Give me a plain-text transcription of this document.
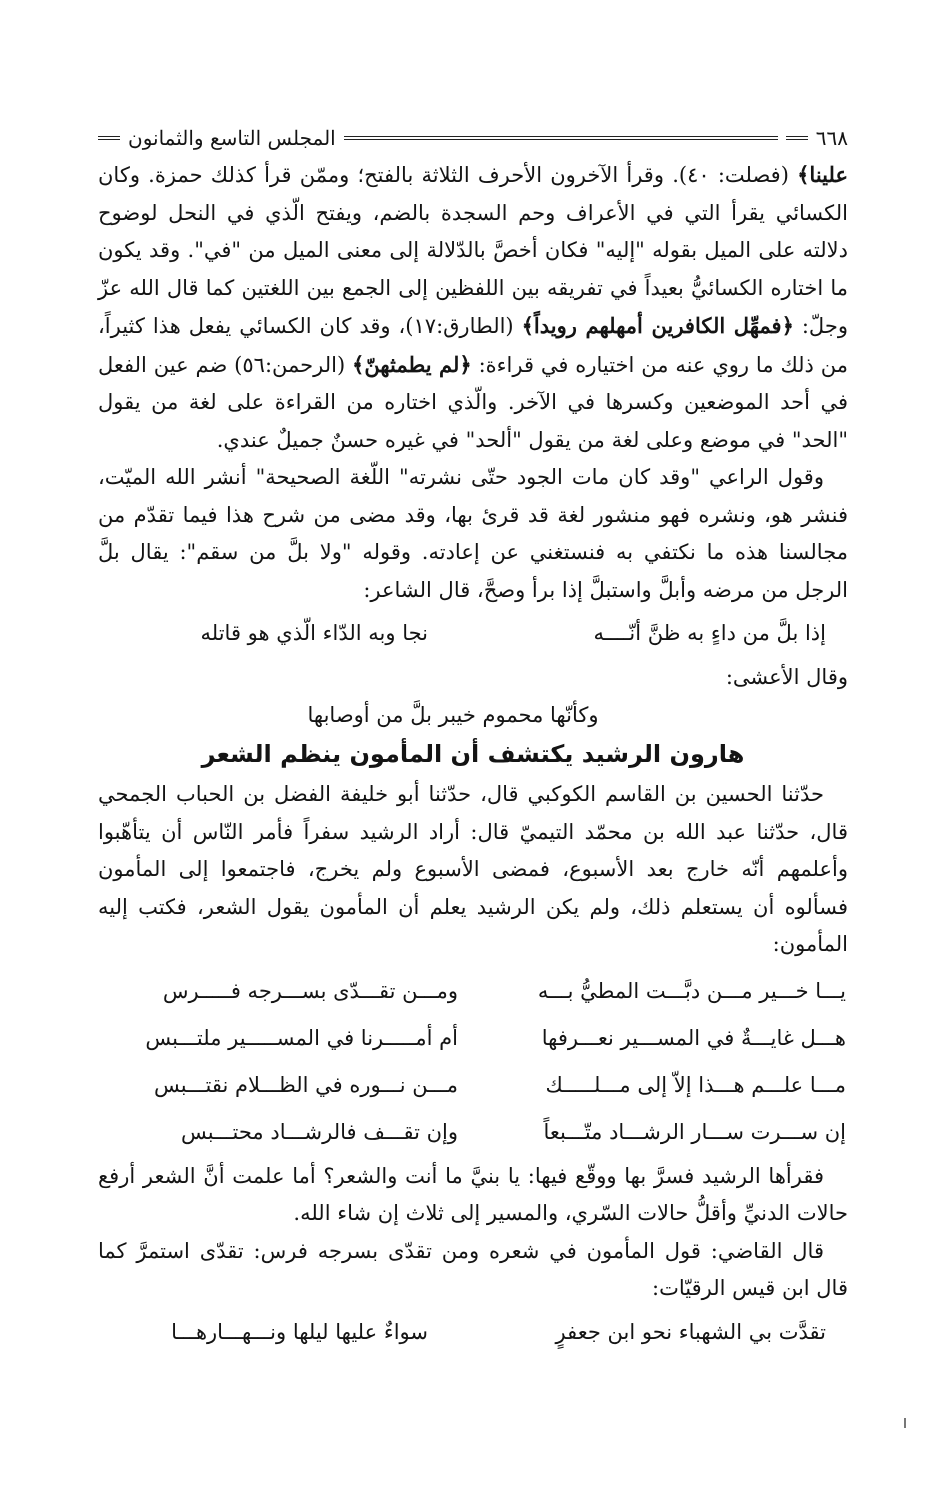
٦٦٨
المجلس التاسع والثمانون

علينا﴾ (فصلت: ٤٠). وقرأ الآخرون الأحرف الثلاثة بالفتح؛ وممّن قرأ كذلك حمزة. وكان الكسائي يقرأ التي في الأعراف وحم السجدة بالضم، ويفتح الّذي في النحل لوضوح دلالته على الميل بقوله "إليه" فكان أخصَّ بالدّلالة إلى معنى الميل من "في". وقد يكون ما اختاره الكسائيُّ بعيداً في تفريقه بين اللفظين إلى الجمع بين اللغتين كما قال الله عزّ وجلّ: ﴿فمهِّل الكافرين أمهلهم رويداً﴾ (الطارق:١٧)، وقد كان الكسائي يفعل هذا كثيراً، من ذلك ما روي عنه من اختياره في قراءة: ﴿لم يطمثهنّ﴾ (الرحمن:٥٦) ضم عين الفعل في أحد الموضعين وكسرها في الآخر. والّذي اختاره من القراءة على لغة من يقول "الحد" في موضع وعلى لغة من يقول "ألحد" في غيره حسنٌ جميلٌ عندي.

وقول الراعي "وقد كان مات الجود حتّى نشرته" اللّغة الصحيحة" أنشر الله الميّت، فنشر هو، ونشره فهو منشور لغة قد قرئ بها، وقد مضى من شرح هذا فيما تقدّم من مجالسنا هذه ما نكتفي به فنستغني عن إعادته. وقوله "ولا بلَّ من سقم": يقال بلَّ الرجل من مرضه وأبلَّ واستبلَّ إذا برأ وصحَّ، قال الشاعر:

إذا بلَّ من داءٍ به ظنَّ أنّــــه
نجا وبه الدّاء الّذي هو قاتله

وقال الأعشى:

وكأنّها محموم خيبر بلَّ من أوصابها
هارون الرشيد يكتشف أن المأمون ينظم الشعر

حدّثنا الحسين بن القاسم الكوكبي قال، حدّثنا أبو خليفة الفضل بن الحباب الجمحي قال، حدّثنا عبد الله بن محمّد التيميّ قال: أراد الرشيد سفراً فأمر النّاس أن يتأهّبوا وأعلمهم أنّه خارج بعد الأسبوع، فمضى الأسبوع ولم يخرج، فاجتمعوا إلى المأمون فسألوه أن يستعلم ذلك، ولم يكن الرشيد يعلم أن المأمون يقول الشعر، فكتب إليه المأمون:

يـــا خـــير مـــن دبَّـــت المطيُّ بـــه
ومـــن تقـــدّى بســـرجه فـــــرس
هـــل غايـــةٌ في المســـير نعـــرفها
أم أمـــــرنا في المســـــير ملتـــبس
مـــا علـــم هـــذا إلاّ إلى مـــلـــــك
مـــن نـــوره في الظـــلام نقتـــبس
إن ســـرت ســـار الرشـــاد متّـــبعاً
وإن تقـــف فالرشـــاد محتـــبس

فقرأها الرشيد فسرَّ بها ووقّع فيها: يا بنيَّ ما أنت والشعر؟ أما علمت أنَّ الشعر أرفع حالات الدنيِّ وأقلُّ حالات السّري، والمسير إلى ثلاث إن شاء الله.

قال القاضي: قول المأمون في شعره ومن تقدّى بسرجه فرس: تقدّى استمرَّ كما قال ابن قيس الرقيّات:

تقدَّت بي الشهباء نحو ابن جعفرٍ
سواءٌ عليها ليلها ونـــهـــارهـــا
